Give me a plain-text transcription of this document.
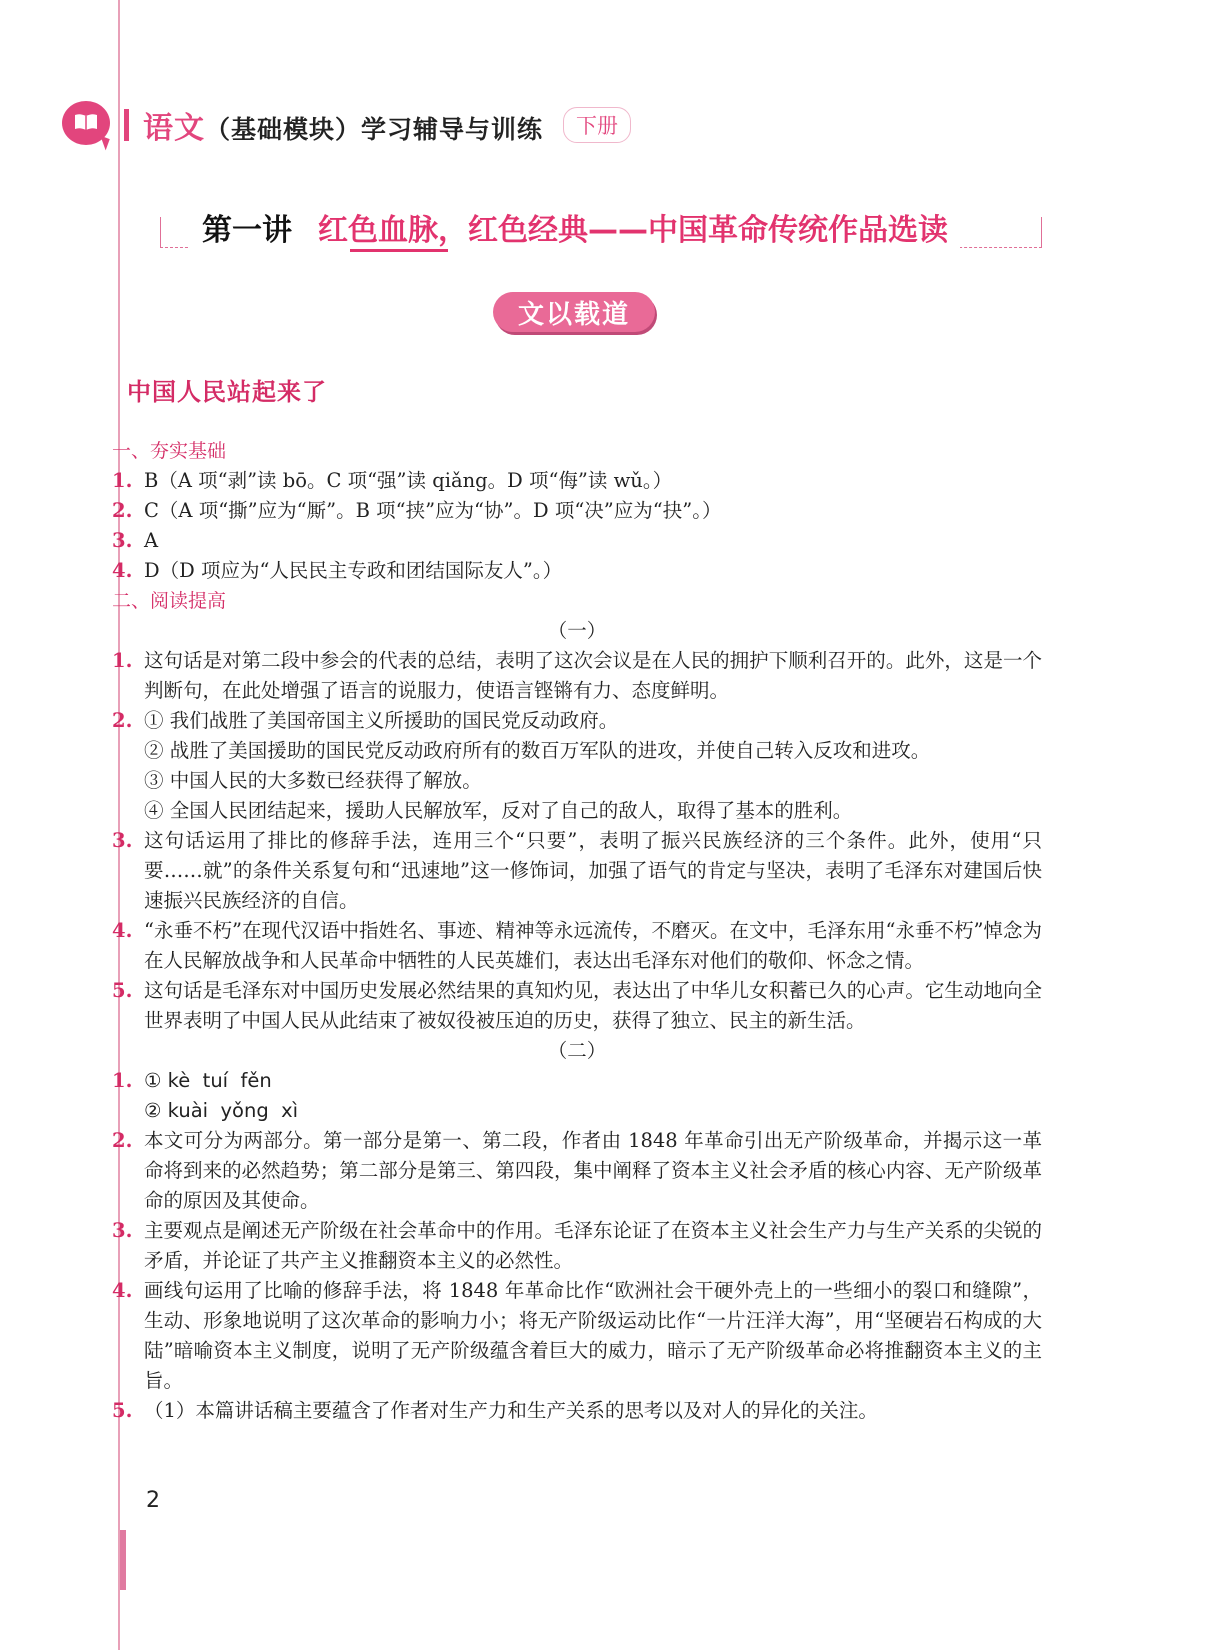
语文 （基础模块）学习辅导与训练	下册
第一讲 红色血脉，红色经典——中国革命传统作品选读
文以载道
中国人民站起来了
一、夯实基础
1. B（A 项“剥”读 bō。C 项“强”读 qiǎng。D 项“侮”读 wǔ。）
2. C（A 项“撕”应为“厮”。B 项“挟”应为“协”。D 项“决”应为“抉”。）
3. A
4. D（D 项应为“人民民主专政和团结国际友人”。）
二、阅读提高
（一）
1. 这句话是对第二段中参会的代表的总结，表明了这次会议是在人民的拥护下顺利召开的。此外，这是一个判断句，在此处增强了语言的说服力，使语言铿锵有力、态度鲜明。
2. ① 我们战胜了美国帝国主义所援助的国民党反动政府。
② 战胜了美国援助的国民党反动政府所有的数百万军队的进攻，并使自己转入反攻和进攻。
③ 中国人民的大多数已经获得了解放。
④ 全国人民团结起来，援助人民解放军，反对了自己的敌人，取得了基本的胜利。
3. 这句话运用了排比的修辞手法，连用三个“只要”，表明了振兴民族经济的三个条件。此外，使用“只要……就”的条件关系复句和“迅速地”这一修饰词，加强了语气的肯定与坚决，表明了毛泽东对建国后快速振兴民族经济的自信。
4. “永垂不朽”在现代汉语中指姓名、事迹、精神等永远流传，不磨灭。在文中，毛泽东用“永垂不朽”悼念为在人民解放战争和人民革命中牺牲的人民英雄们，表达出毛泽东对他们的敬仰、怀念之情。
5. 这句话是毛泽东对中国历史发展必然结果的真知灼见，表达出了中华儿女积蓄已久的心声。它生动地向全世界表明了中国人民从此结束了被奴役被压迫的历史，获得了独立、民主的新生活。
（二）
1. ① kè  tuí  fěn
② kuài  yǒng  xì
2. 本文可分为两部分。第一部分是第一、第二段，作者由 1848 年革命引出无产阶级革命，并揭示这一革命将到来的必然趋势；第二部分是第三、第四段，集中阐释了资本主义社会矛盾的核心内容、无产阶级革命的原因及其使命。
3. 主要观点是阐述无产阶级在社会革命中的作用。毛泽东论证了在资本主义社会生产力与生产关系的尖锐的矛盾，并论证了共产主义推翻资本主义的必然性。
4. 画线句运用了比喻的修辞手法，将 1848 年革命比作“欧洲社会干硬外壳上的一些细小的裂口和缝隙”，生动、形象地说明了这次革命的影响力小；将无产阶级运动比作“一片汪洋大海”，用“坚硬岩石构成的大陆”暗喻资本主义制度，说明了无产阶级蕴含着巨大的威力，暗示了无产阶级革命必将推翻资本主义的主旨。
5. （1）本篇讲话稿主要蕴含了作者对生产力和生产关系的思考以及对人的异化的关注。
2
